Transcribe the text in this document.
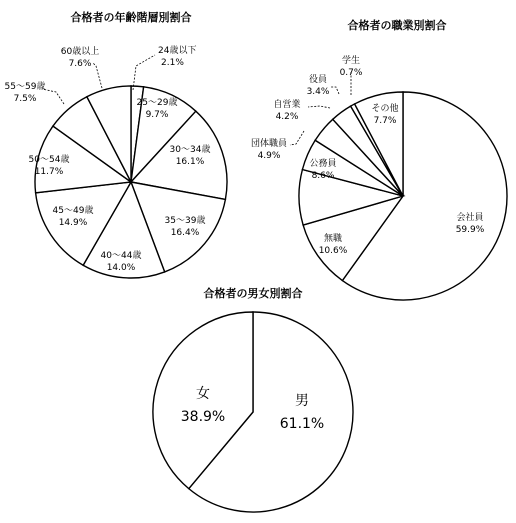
合格者の年齢階層別割合
24歳以下
2.1%
25～29歳
9.7%
30～34歳
16.1%
35～39歳
16.4%
40～44歳
14.0%
45～49歳
14.9%
50～54歳
11.7%
55～59歳
7.5%
60歳以上
7.6%
合格者の職業別割合
会社員
59.9%
無職
10.6%
公務員
8.6%
団体職員
4.9%
自営業
4.2%
役員
3.4%
学生
0.7%
その他
7.7%
合格者の男女別割合
男
61.1%
女
38.9%
